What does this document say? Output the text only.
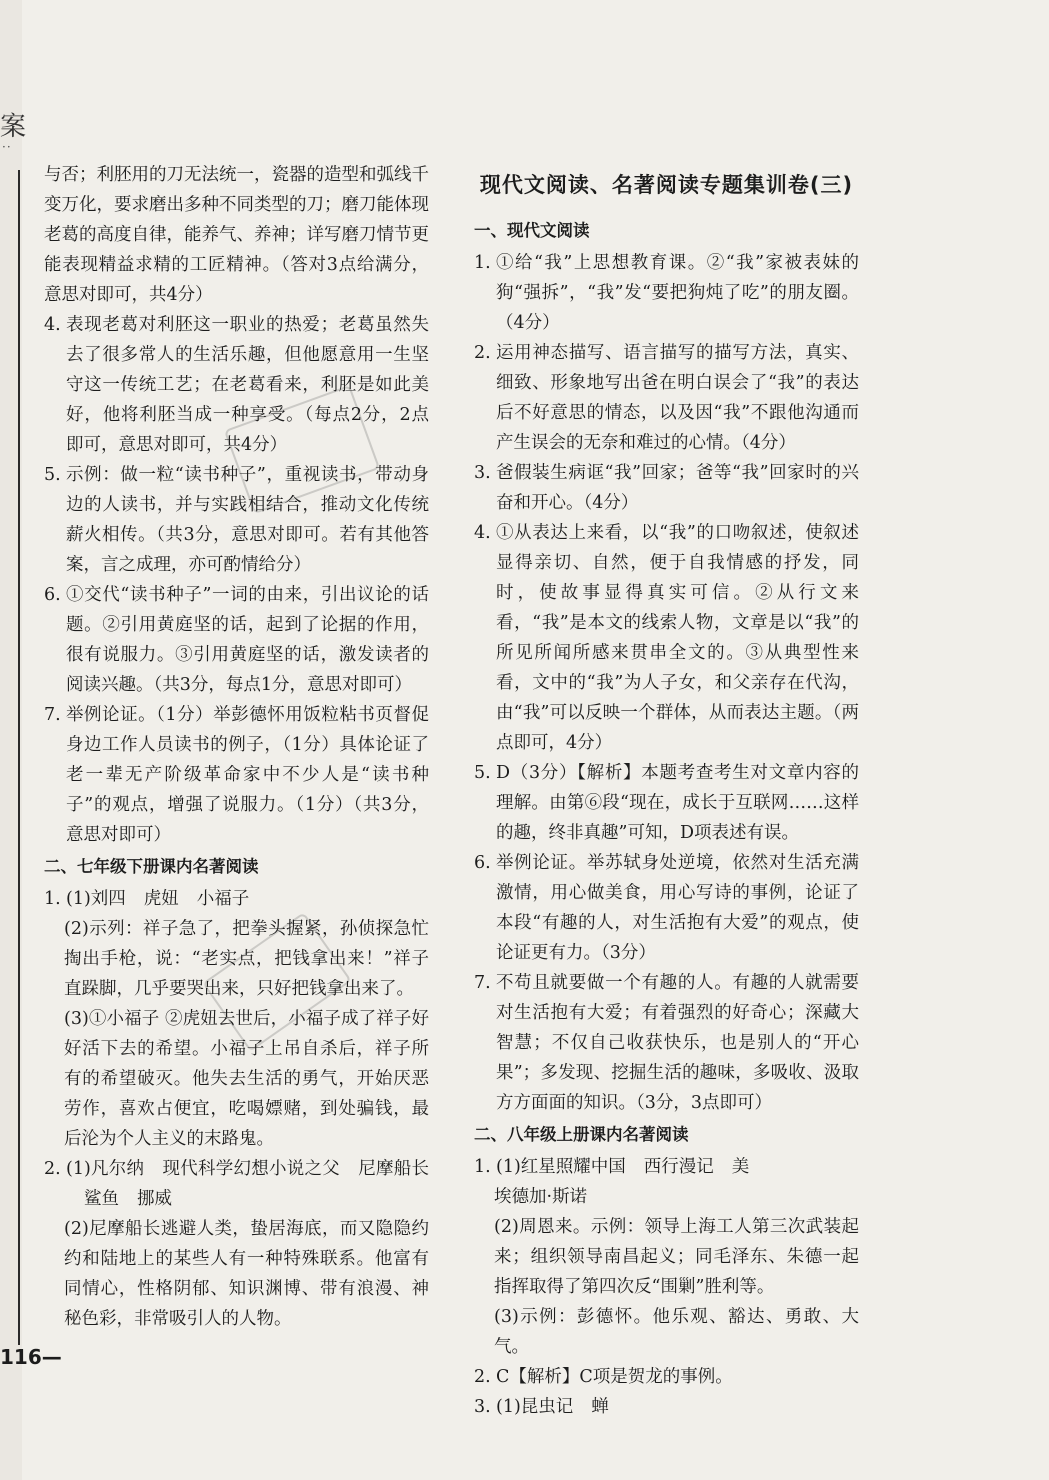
案
··
与否；利胚用的刀无法统一，瓷器的造型和弧线千变万化，要求磨出多种不同类型的刀；磨刀能体现老葛的高度自律，能养气、养神；详写磨刀情节更能表现精益求精的工匠精神。（答对3点给满分，意思对即可，共4分）
4. 表现老葛对利胚这一职业的热爱；老葛虽然失去了很多常人的生活乐趣，但他愿意用一生坚守这一传统工艺；在老葛看来，利胚是如此美好，他将利胚当成一种享受。（每点2分，2点即可，意思对即可，共4分）
5. 示例：做一粒“读书种子”，重视读书，带动身边的人读书，并与实践相结合，推动文化传统薪火相传。（共3分，意思对即可。若有其他答案，言之成理，亦可酌情给分）
6. ①交代“读书种子”一词的由来，引出议论的话题。②引用黄庭坚的话，起到了论据的作用，很有说服力。③引用黄庭坚的话，激发读者的阅读兴趣。（共3分，每点1分，意思对即可）
7. 举例论证。（1分）举彭德怀用饭粒粘书页督促身边工作人员读书的例子，（1分）具体论证了老一辈无产阶级革命家中不少人是“读书种子”的观点，增强了说服力。（1分）（共3分，意思对即可）
二、七年级下册课内名著阅读
1. (1)刘四 虎妞 小福子
(2)示列：祥子急了，把拳头握紧，孙侦探急忙掏出手枪，说：“老实点，把钱拿出来！”祥子直跺脚，几乎要哭出来，只好把钱拿出来了。
(3)①小福子 ②虎妞去世后，小福子成了祥子好好活下去的希望。小福子上吊自杀后，祥子所有的希望破灭。他失去生活的勇气，开始厌恶劳作，喜欢占便宜，吃喝嫖赌，到处骗钱，最后沦为个人主义的末路鬼。
2. (1)凡尔纳 现代科学幻想小说之父 尼摩船长鲨鱼 挪威
(2)尼摩船长逃避人类，蛰居海底，而又隐隐约约和陆地上的某些人有一种特殊联系。他富有同情心，性格阴郁、知识渊博、带有浪漫、神秘色彩，非常吸引人的人物。
现代文阅读、名著阅读专题集训卷(三)
一、现代文阅读
1. ①给“我”上思想教育课。②“我”家被表妹的狗“强拆”，“我”发“要把狗炖了吃”的朋友圈。（4分）
2. 运用神态描写、语言描写的描写方法，真实、细致、形象地写出爸在明白误会了“我”的表达后不好意思的情态，以及因“我”不跟他沟通而产生误会的无奈和难过的心情。（4分）
3. 爸假装生病诓“我”回家；爸等“我”回家时的兴奋和开心。（4分）
4. ①从表达上来看，以“我”的口吻叙述，使叙述显得亲切、自然，便于自我情感的抒发，同时，使故事显得真实可信。②从行文来看，“我”是本文的线索人物，文章是以“我”的所见所闻所感来贯串全文的。③从典型性来看，文中的“我”为人子女，和父亲存在代沟，由“我”可以反映一个群体，从而表达主题。（两点即可，4分）
5. D（3分）【解析】本题考查考生对文章内容的理解。由第⑥段“现在，成长于互联网……这样的趣，终非真趣”可知，D项表述有误。
6. 举例论证。举苏轼身处逆境，依然对生活充满激情，用心做美食，用心写诗的事例，论证了本段“有趣的人，对生活抱有大爱”的观点，使论证更有力。（3分）
7. 不苟且就要做一个有趣的人。有趣的人就需要对生活抱有大爱；有着强烈的好奇心；深藏大智慧；不仅自己收获快乐，也是别人的“开心果”；多发现、挖掘生活的趣味，多吸收、汲取方方面面的知识。（3分，3点即可）
二、八年级上册课内名著阅读
1. (1)红星照耀中国 西行漫记 美
埃德加·斯诺
(2)周恩来。示例：领导上海工人第三次武装起来；组织领导南昌起义；同毛泽东、朱德一起指挥取得了第四次反“围剿”胜利等。
(3)示例：彭德怀。他乐观、豁达、勇敢、大气。
2. C【解析】C项是贺龙的事例。
3. (1)昆虫记 蝉
116—
